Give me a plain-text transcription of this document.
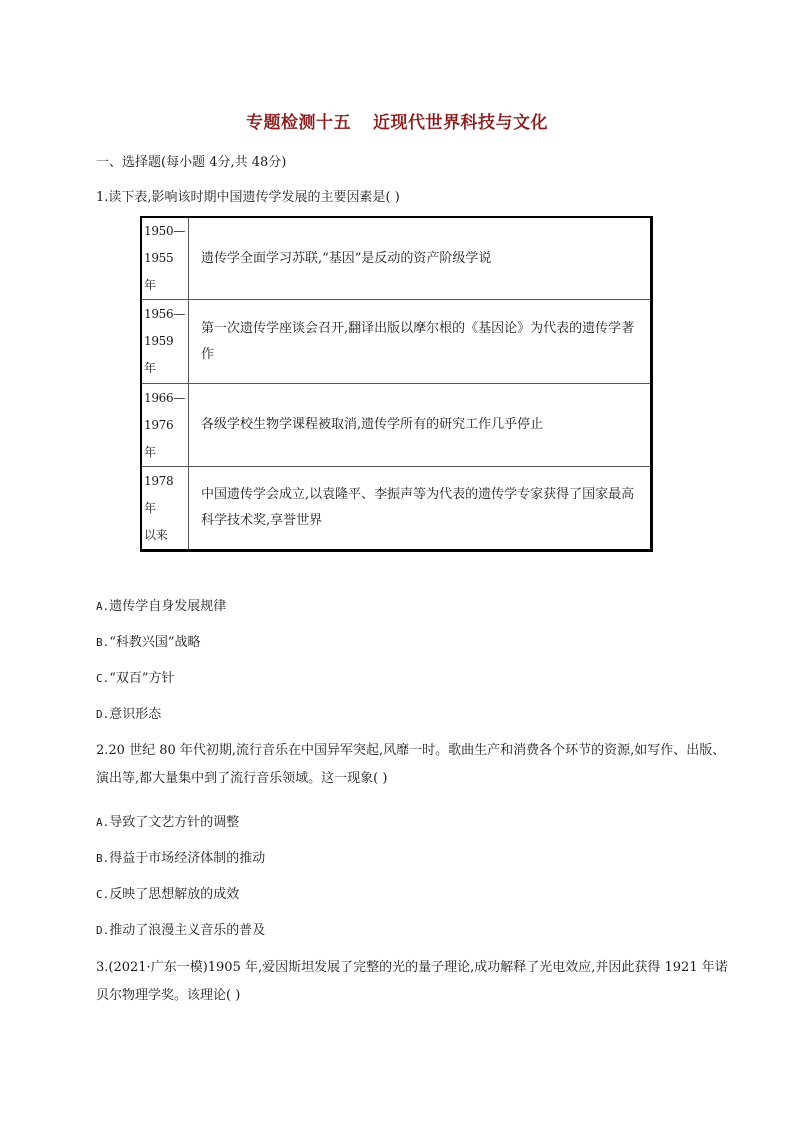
专题检测十五 近现代世界科技与文化
一、选择题(每小题 4分,共 48分)
1.读下表,影响该时期中国遗传学发展的主要因素是( )
1950—
1955
年	遗传学全面学习苏联,“基因”是反动的资产阶级学说

1956—
1959
年	第一次遗传学座谈会召开,翻译出版以摩尔根的《基因论》为代表的遗传学著作

1966—
1976
年	各级学校生物学课程被取消,遗传学所有的研究工作几乎停止

1978
年
以来	中国遗传学会成立,以袁隆平、李振声等为代表的遗传学专家获得了国家最高科学技术奖,享誉世界
A.遗传学自身发展规律
B.“科教兴国”战略
C.“双百”方针
D.意识形态
2.20 世纪 80 年代初期,流行音乐在中国异军突起,风靡一时。歌曲生产和消费各个环节的资源,如写作、出版、演出等,都大量集中到了流行音乐领域。这一现象( )
A.导致了文艺方针的调整
B.得益于市场经济体制的推动
C.反映了思想解放的成效
D.推动了浪漫主义音乐的普及
3.(2021·广东一模)1905 年,爱因斯坦发展了完整的光的量子理论,成功解释了光电效应,并因此获得 1921 年诺贝尔物理学奖。该理论( )
